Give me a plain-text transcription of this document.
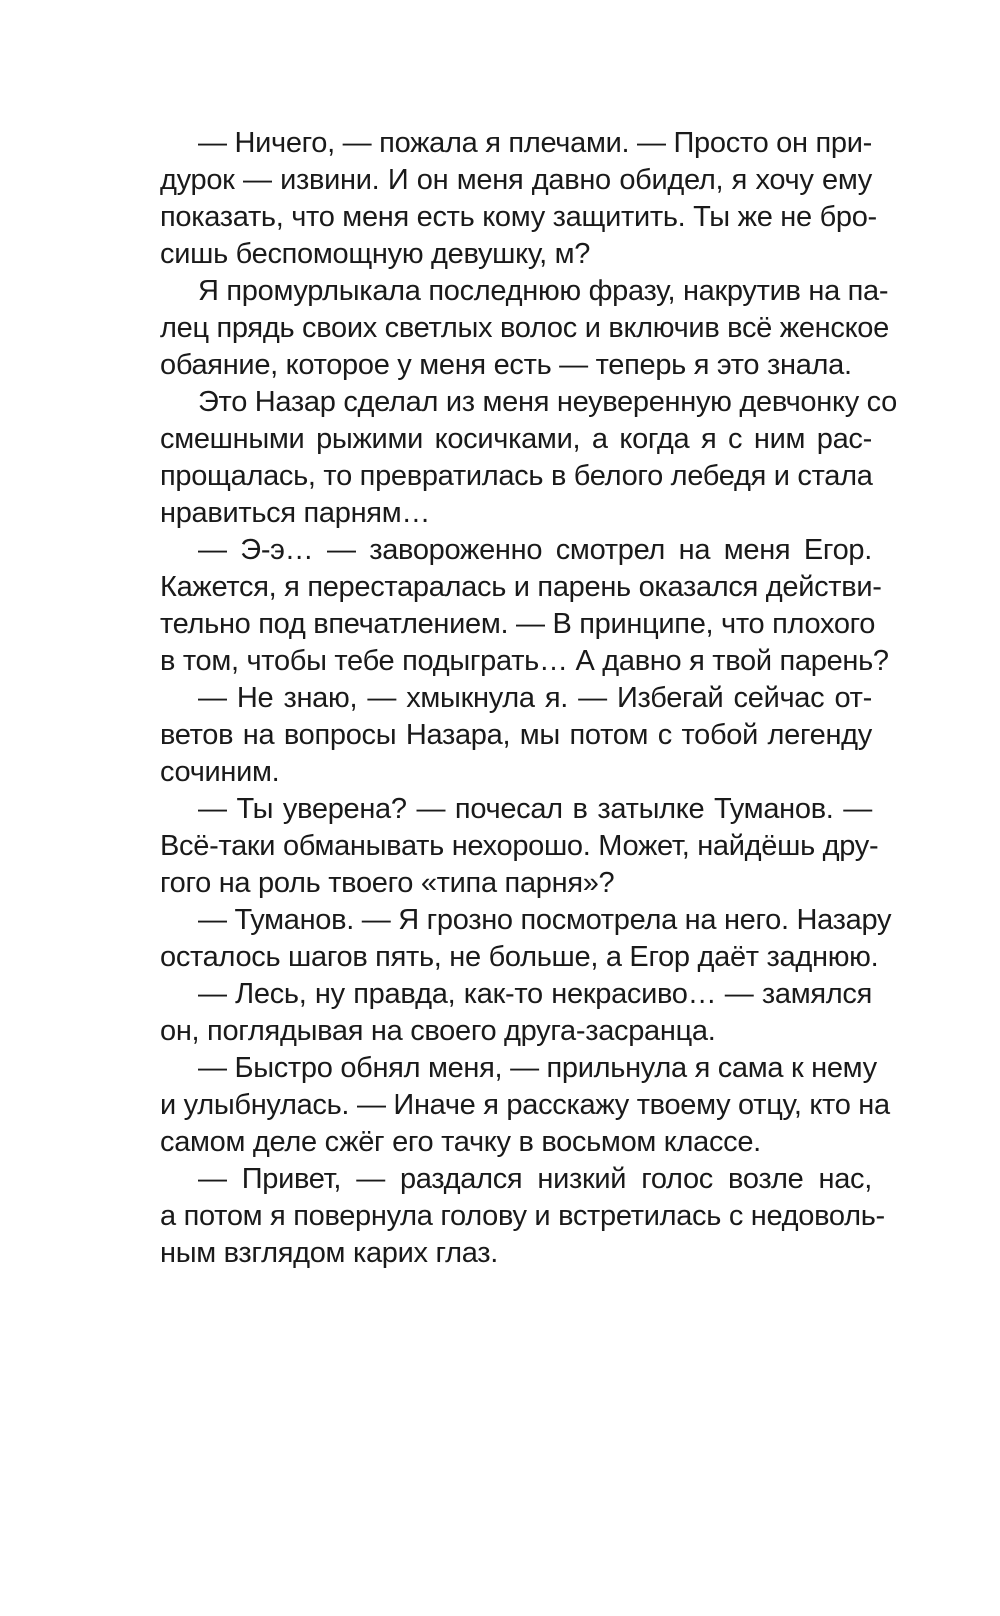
— Ничего, — пожала я плечами. — Просто он при-
дурок — извини. И он меня давно обидел, я хочу ему
показать, что меня есть кому защитить. Ты же не бро-
сишь беспомощную девушку, м?

Я промурлыкала последнюю фразу, накрутив на па-
лец прядь своих светлых волос и включив всё женское
обаяние, которое у меня есть — теперь я это знала.

Это Назар сделал из меня неуверенную девчонку со
смешными рыжими косичками, а когда я с ним рас-
прощалась, то превратилась в белого лебедя и стала
нравиться парням…

— Э-э… — завороженно смотрел на меня Егор.
Кажется, я перестаралась и парень оказался действи-
тельно под впечатлением. — В принципе, что плохого
в том, чтобы тебе подыграть… А давно я твой парень?

— Не знаю, — хмыкнула я. — Избегай сейчас от-
ветов на вопросы Назара, мы потом с тобой легенду
сочиним.

— Ты уверена? — почесал в затылке Туманов. —
Всё-таки обманывать нехорошо. Может, найдёшь дру-
гого на роль твоего «типа парня»?

— Туманов. — Я грозно посмотрела на него. Назару
осталось шагов пять, не больше, а Егор даёт заднюю.

— Лесь, ну правда, как-то некрасиво… — замялся
он, поглядывая на своего друга-засранца.

— Быстро обнял меня, — прильнула я сама к нему
и улыбнулась. — Иначе я расскажу твоему отцу, кто на
самом деле сжёг его тачку в восьмом классе.

— Привет, — раздался низкий голос возле нас,
а потом я повернула голову и встретилась с недоволь-
ным взглядом карих глаз.
